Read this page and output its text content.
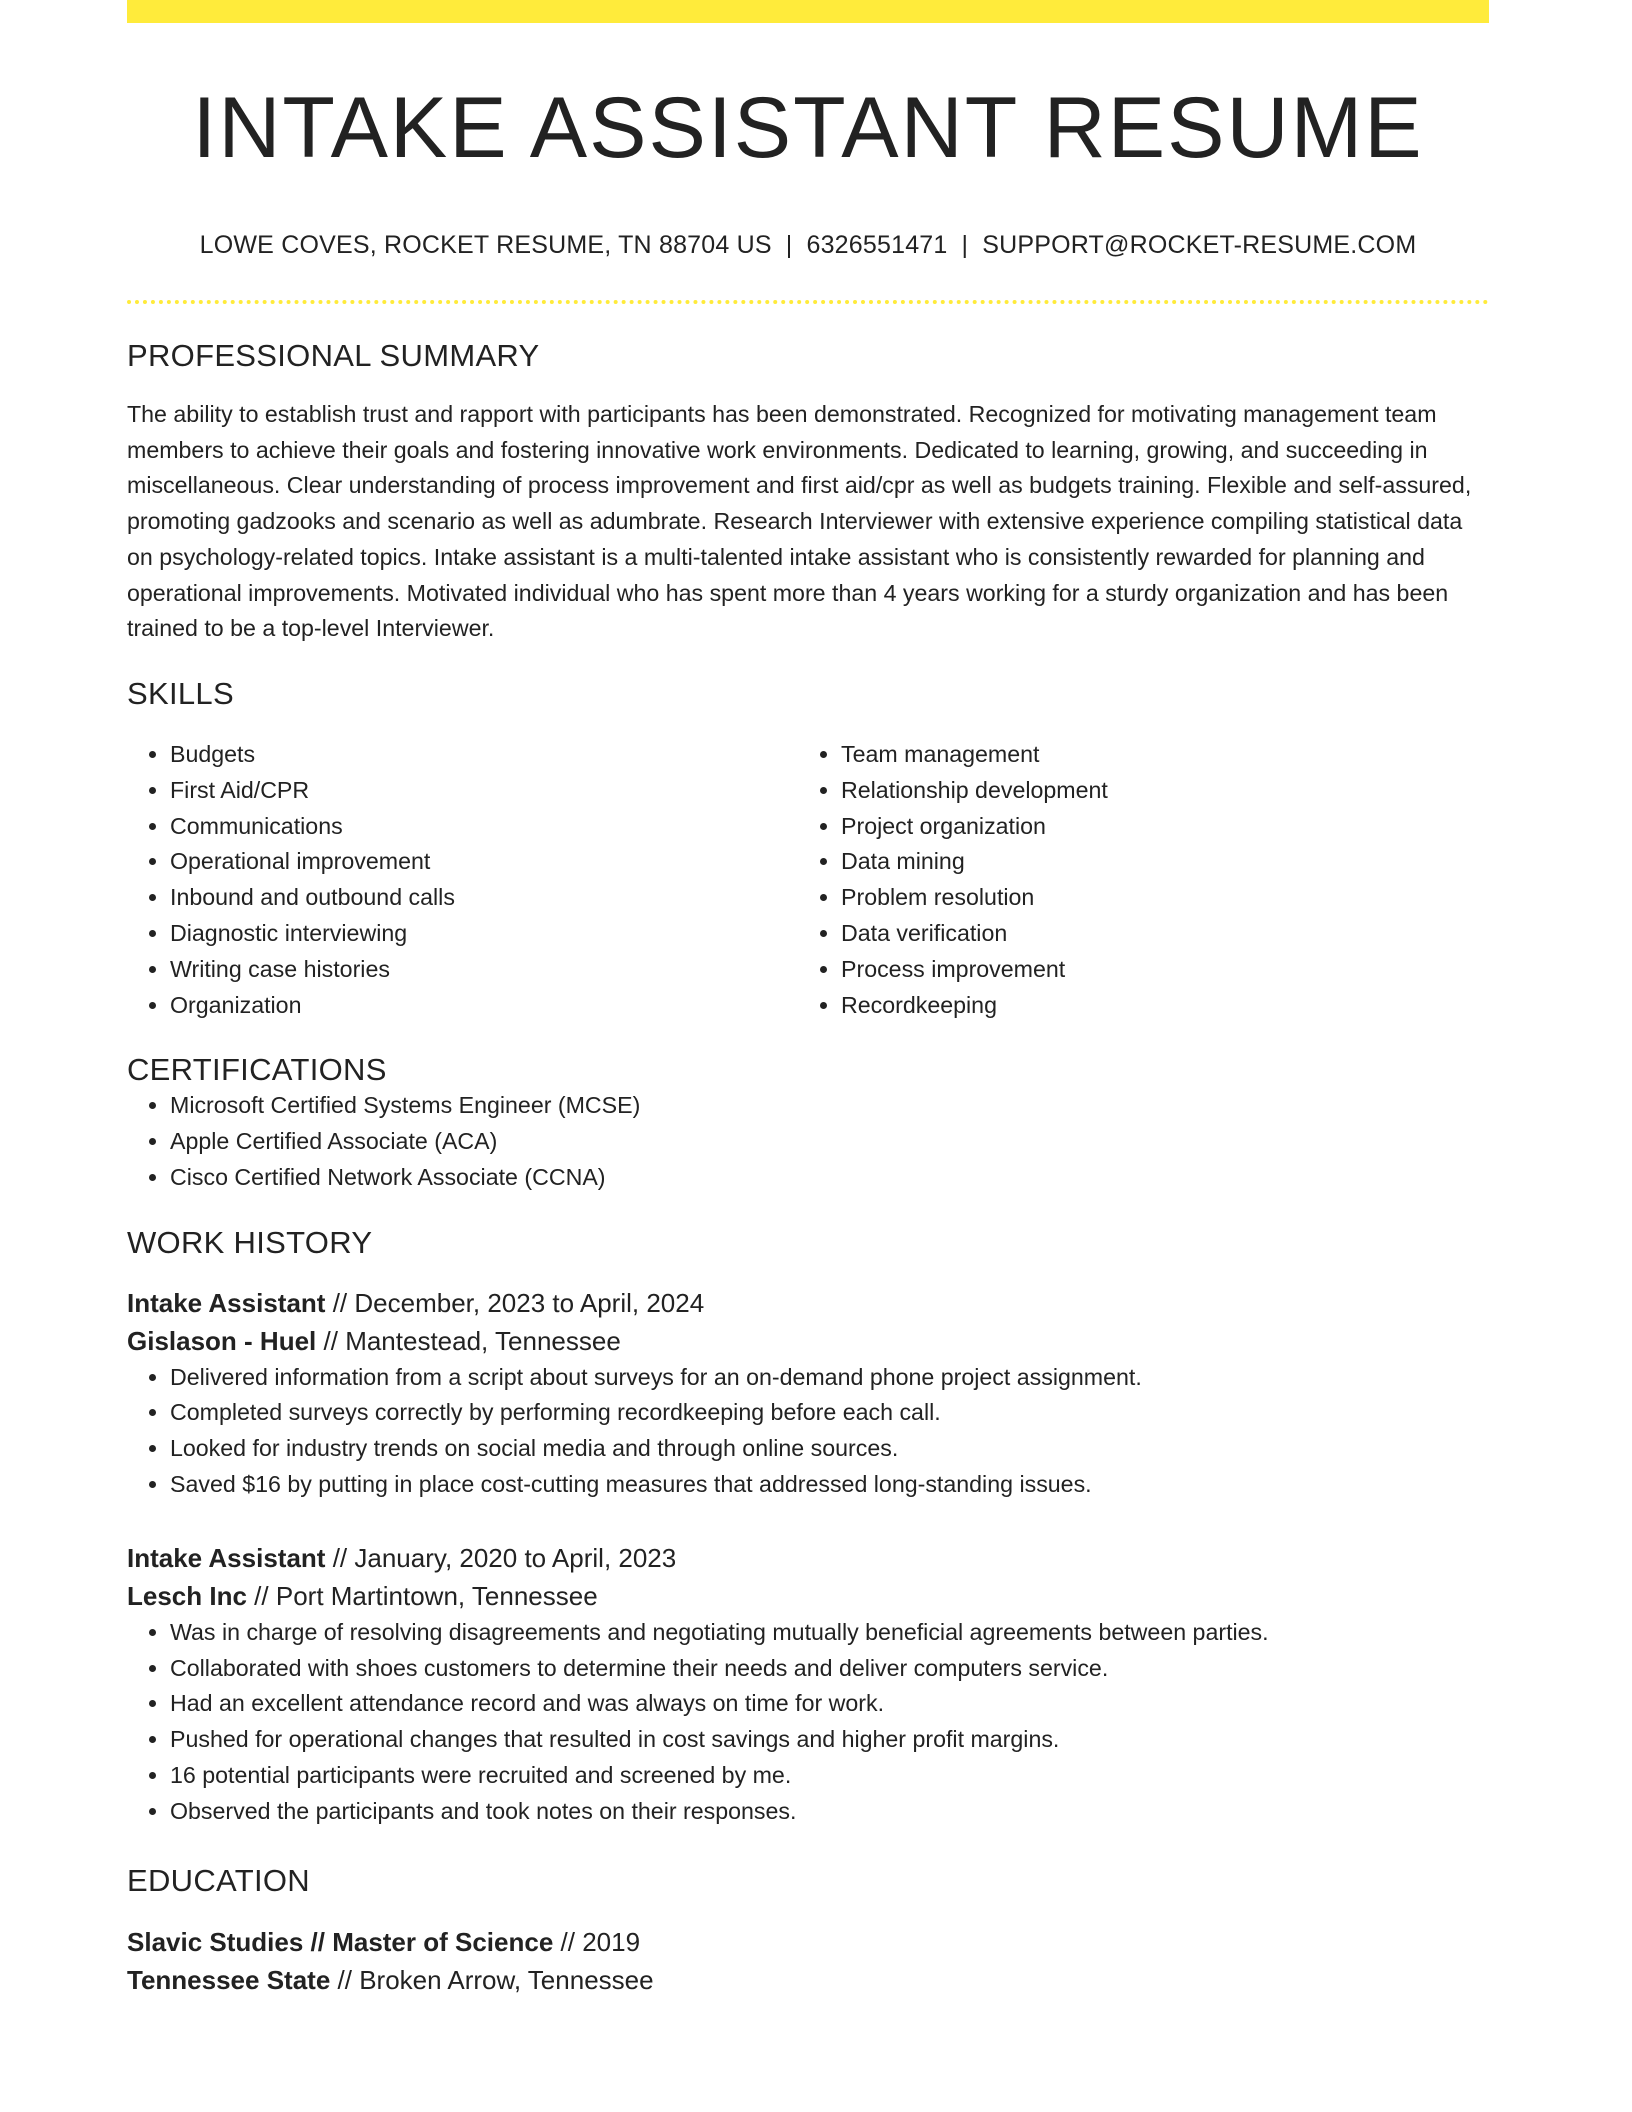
INTAKE ASSISTANT RESUME
LOWE COVES, ROCKET RESUME, TN 88704 US | 6326551471 | SUPPORT@ROCKET-RESUME.COM
PROFESSIONAL SUMMARY

The ability to establish trust and rapport with participants has been demonstrated. Recognized for motivating management team members to achieve their goals and fostering innovative work environments. Dedicated to learning, growing, and succeeding in miscellaneous. Clear understanding of process improvement and first aid/cpr as well as budgets training. Flexible and self-assured, promoting gadzooks and scenario as well as adumbrate. Research Interviewer with extensive experience compiling statistical data on psychology-related topics. Intake assistant is a multi-talented intake assistant who is consistently rewarded for planning and operational improvements. Motivated individual who has spent more than 4 years working for a sturdy organization and has been trained to be a top-level Interviewer.

SKILLS
• Budgets
• First Aid/CPR
• Communications
• Operational improvement
• Inbound and outbound calls
• Diagnostic interviewing
• Writing case histories
• Organization
• Team management
• Relationship development
• Project organization
• Data mining
• Problem resolution
• Data verification
• Process improvement
• Recordkeeping
CERTIFICATIONS
• Microsoft Certified Systems Engineer (MCSE)
• Apple Certified Associate (ACA)
• Cisco Certified Network Associate (CCNA)
WORK HISTORY
Intake Assistant // December, 2023 to April, 2024
Gislason - Huel // Mantestead, Tennessee
• Delivered information from a script about surveys for an on-demand phone project assignment.
• Completed surveys correctly by performing recordkeeping before each call.
• Looked for industry trends on social media and through online sources.
• Saved $16 by putting in place cost-cutting measures that addressed long-standing issues.
Intake Assistant // January, 2020 to April, 2023
Lesch Inc // Port Martintown, Tennessee
• Was in charge of resolving disagreements and negotiating mutually beneficial agreements between parties.
• Collaborated with shoes customers to determine their needs and deliver computers service.
• Had an excellent attendance record and was always on time for work.
• Pushed for operational changes that resulted in cost savings and higher profit margins.
• 16 potential participants were recruited and screened by me.
• Observed the participants and took notes on their responses.
EDUCATION
Slavic Studies // Master of Science // 2019
Tennessee State // Broken Arrow, Tennessee
